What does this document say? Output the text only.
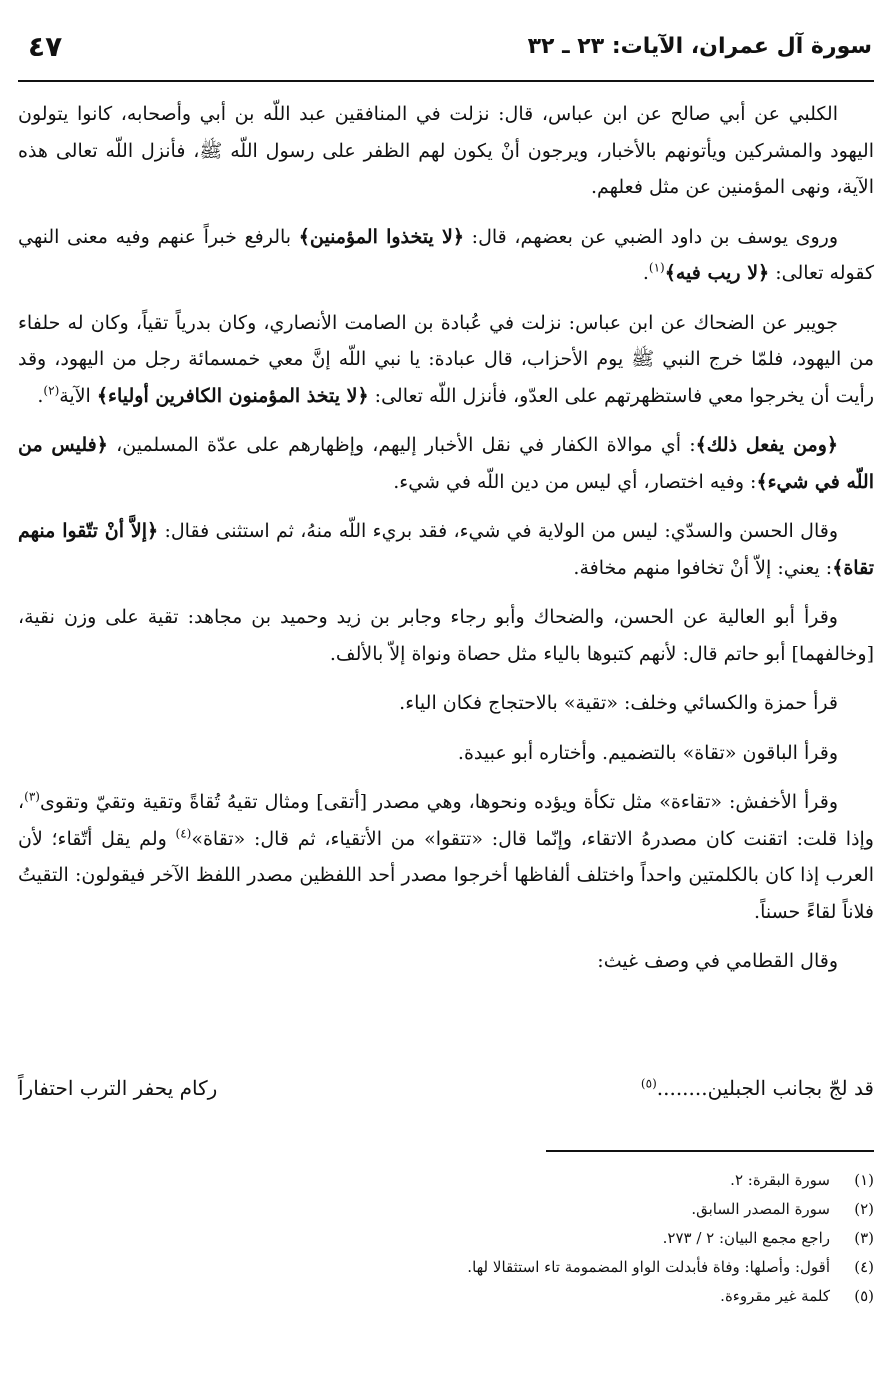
سورة آل عمران، الآيات: ٢٣ ـ ٣٢
٤٧

الكلبي عن أبي صالح عن ابن عباس، قال: نزلت في المنافقين عبد اللّه بن أبي وأصحابه، كانوا يتولون اليهود والمشركين ويأتونهم بالأخبار، ويرجون أنْ يكون لهم الظفر على رسول اللّه ﷺ، فأنزل اللّه تعالى هذه الآية، ونهى المؤمنين عن مثل فعلهم.

وروى يوسف بن داود الضبي عن بعضهم، قال: ﴿لا يتخذوا المؤمنين﴾ بالرفع خبراً عنهم وفيه معنى النهي كقوله تعالى: ﴿لا ريب فيه﴾$^{(١)}$.

جويبر عن الضحاك عن ابن عباس: نزلت في عُبادة بن الصامت الأنصاري، وكان بدرياً تقياً، وكان له حلفاء من اليهود، فلمّا خرج النبي ﷺ يوم الأحزاب، قال عبادة: يا نبي اللّه إنَّ معي خمسمائة رجل من اليهود، وقد رأيت أن يخرجوا معي فاستظهرتهم على العدّو، فأنزل اللّه تعالى: ﴿لا يتخذ المؤمنون الكافرين أولياء﴾ الآية$^{(٢)}$.

﴿ومن يفعل ذلك﴾: أي موالاة الكفار في نقل الأخبار إليهم، وإظهارهم على عدّة المسلمين، ﴿فليس من اللّه في شيء﴾: وفيه اختصار، أي ليس من دين اللّه في شيء.

وقال الحسن والسدّي: ليس من الولاية في شيء، فقد بريء اللّه منهُ، ثم استثنى فقال: ﴿إلاَّ أنْ تتّقوا منهم تقاة﴾: يعني: إلاّ أنْ تخافوا منهم مخافة.

وقرأ أبو العالية عن الحسن، والضحاك وأبو رجاء وجابر بن زيد وحميد بن مجاهد: تقية على وزن نقية، [وخالفهما] أبو حاتم قال: لأنهم كتبوها بالياء مثل حصاة ونواة إلاّ بالألف.

قرأ حمزة والكسائي وخلف: «تقية» بالاحتجاج فكان الياء.

وقرأ الباقون «تقاة» بالتضميم. وأختاره أبو عبيدة.

وقرأ الأخفش: «تقاءة» مثل تكأة ويؤده ونحوها، وهي مصدر [أتقى] ومثال تقيهُ تُقاةً وتقية وتقيّ وتقوى$^{(٣)}$، وإذا قلت: اتقنت كان مصدرهُ الاتقاء، وإنّما قال: «تتقوا» من الأتقياء، ثم قال: «تقاة»$^{(٤)}$ ولم يقل أتّقاء؛ لأن العرب إذا كان بالكلمتين واحداً واختلف ألفاظها أخرجوا مصدر أحد اللفظين مصدر اللفظ الآخر فيقولون: التقيتُ فلاناً لقاءً حسناً.

وقال القطامي في وصف غيث:

قد لجّ بجانب الجبلين........$^{(٥)}$
ركام يحفر الترب احتفاراً
(١)سورة البقرة: ٢.
(٢)سورة المصدر السابق.
(٣)راجع مجمع البيان: ٢ / ٢٧٣.
(٤)أقول: وأصلها: وفاة فأبدلت الواو المضمومة تاء استثقالا لها.
(٥)كلمة غير مقروءة.
